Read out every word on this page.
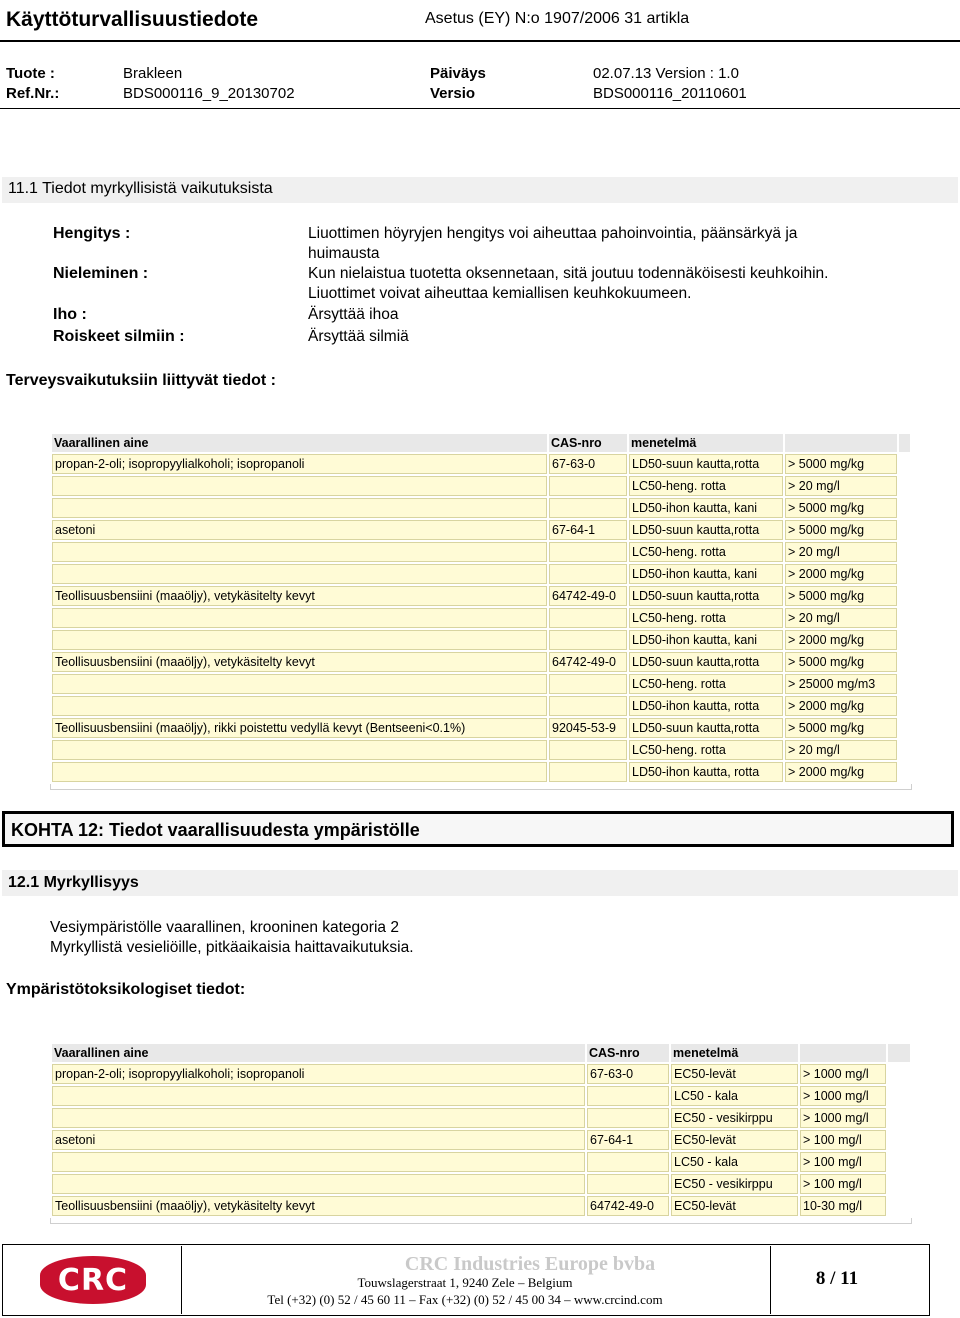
Käyttöturvallisuustiedote	Asetus (EY) N:o 1907/2006 31 artikla
Tuote :	Brakleen	Päiväys	02.07.13 Version : 1.0
Ref.Nr.:	BDS000116_9_20130702	Versio	BDS000116_20110601
11.1 Tiedot myrkyllisistä vaikutuksista
Hengitys :	Liuottimen höyryjen hengitys voi aiheuttaa pahoinvointia, päänsärkyä ja
huimausta
Nieleminen :	Kun nielaistua tuotetta oksennetaan, sitä joutuu todennäköisesti keuhkoihin.
Liuottimet voivat aiheuttaa kemiallisen keuhkokuumeen.
Iho :	Ärsyttää ihoa
Roiskeet silmiin :	Ärsyttää silmiä
Terveysvaikutuksiin liittyvät tiedot :
Vaarallinen aine	CAS-nro	menetelmä		
propan-2-oli; isopropyylialkoholi; isopropanoli	67-63-0	LD50-suun kautta,rotta	> 5000 mg/kg	
		LC50-heng. rotta	> 20 mg/l	
		LD50-ihon kautta, kani	> 5000 mg/kg	
asetoni	67-64-1	LD50-suun kautta,rotta	> 5000 mg/kg	
		LC50-heng. rotta	> 20 mg/l	
		LD50-ihon kautta, kani	> 2000 mg/kg	
Teollisuusbensiini (maaöljy), vetykäsitelty kevyt	64742-49-0	LD50-suun kautta,rotta	> 5000 mg/kg	
		LC50-heng. rotta	> 20 mg/l	
		LD50-ihon kautta, kani	> 2000 mg/kg	
Teollisuusbensiini (maaöljy), vetykäsitelty kevyt	64742-49-0	LD50-suun kautta,rotta	> 5000 mg/kg	
		LC50-heng. rotta	> 25000 mg/m3	
		LD50-ihon kautta, rotta	> 2000 mg/kg	
Teollisuusbensiini (maaöljy), rikki poistettu vedyllä kevyt (Bentseeni<0.1%)	92045-53-9	LD50-suun kautta,rotta	> 5000 mg/kg	
		LC50-heng. rotta	> 20 mg/l	
		LD50-ihon kautta, rotta	> 2000 mg/kg	
KOHTA 12: Tiedot vaarallisuudesta ympäristölle
12.1 Myrkyllisyys
Vesiympäristölle vaarallinen, krooninen kategoria 2
Myrkyllistä vesieliöille, pitkäaikaisia haittavaikutuksia.
Ympäristötoksikologiset tiedot:
Vaarallinen aine	CAS-nro	menetelmä		
propan-2-oli; isopropyylialkoholi; isopropanoli	67-63-0	EC50-levät	> 1000 mg/l	
		LC50 - kala	> 1000 mg/l	
		EC50 - vesikirppu	> 1000 mg/l	
asetoni	67-64-1	EC50-levät	> 100 mg/l	
		LC50 - kala	> 100 mg/l	
		EC50 - vesikirppu	> 100 mg/l	
Teollisuusbensiini (maaöljy), vetykäsitelty kevyt	64742-49-0	EC50-levät	10-30 mg/l	
CRC	CRC Industries Europe bvba
Touwslagerstraat 1, 9240 Zele – Belgium
Tel (+32) (0) 52 / 45 60 11 – Fax (+32) (0) 52 / 45 00 34 – www.crcind.com
8 / 11
